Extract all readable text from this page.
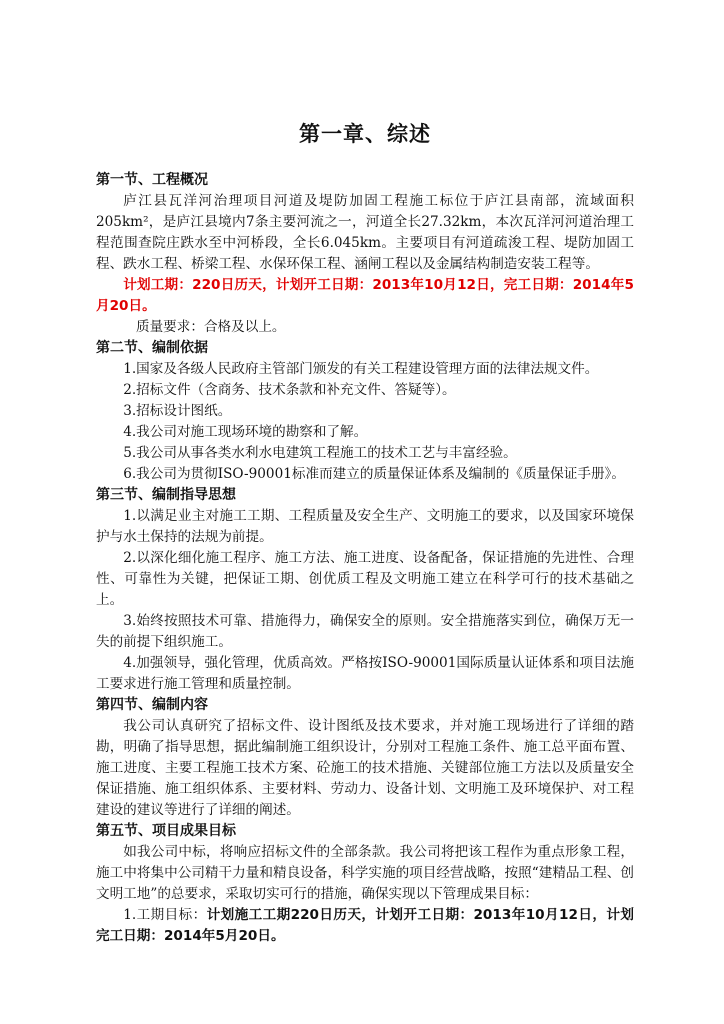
第一章、综述

第一节、工程概况

庐江县瓦洋河治理项目河道及堤防加固工程施工标位于庐江县南部，流域面积205km²，是庐江县境内7条主要河流之一，河道全长27.32km，本次瓦洋河河道治理工程范围查院庄跌水至中河桥段，全长6.045km。主要项目有河道疏浚工程、堤防加固工程、跌水工程、桥梁工程、水保环保工程、涵闸工程以及金属结构制造安装工程等。

计划工期：220日历天，计划开工日期：2013年10月12日，完工日期：2014年5月20日。

质量要求：合格及以上。

第二节、编制依据

1.国家及各级人民政府主管部门颁发的有关工程建设管理方面的法律法规文件。

2.招标文件（含商务、技术条款和补充文件、答疑等）。

3.招标设计图纸。

4.我公司对施工现场环境的勘察和了解。

5.我公司从事各类水利水电建筑工程施工的技术工艺与丰富经验。

6.我公司为贯彻ISO-90001标准而建立的质量保证体系及编制的《质量保证手册》。

第三节、编制指导思想

1.以满足业主对施工工期、工程质量及安全生产、文明施工的要求，以及国家环境保护与水土保持的法规为前提。

2.以深化细化施工程序、施工方法、施工进度、设备配备，保证措施的先进性、合理性、可靠性为关键，把保证工期、创优质工程及文明施工建立在科学可行的技术基础之上。

3.始终按照技术可靠、措施得力，确保安全的原则。安全措施落实到位，确保万无一失的前提下组织施工。

4.加强领导，强化管理，优质高效。严格按ISO-90001国际质量认证体系和项目法施工要求进行施工管理和质量控制。

第四节、编制内容

我公司认真研究了招标文件、设计图纸及技术要求，并对施工现场进行了详细的踏勘，明确了指导思想，据此编制施工组织设计，分别对工程施工条件、施工总平面布置、施工进度、主要工程施工技术方案、砼施工的技术措施、关键部位施工方法以及质量安全保证措施、施工组织体系、主要材料、劳动力、设备计划、文明施工及环境保护、对工程建设的建议等进行了详细的阐述。

第五节、项目成果目标

如我公司中标，将响应招标文件的全部条款。我公司将把该工程作为重点形象工程，施工中将集中公司精干力量和精良设备，科学实施的项目经营战略，按照“建精品工程、创文明工地”的总要求，采取切实可行的措施，确保实现以下管理成果目标：

1.工期目标：计划施工工期220日历天，计划开工日期：2013年10月12日，计划完工日期：2014年5月20日。
